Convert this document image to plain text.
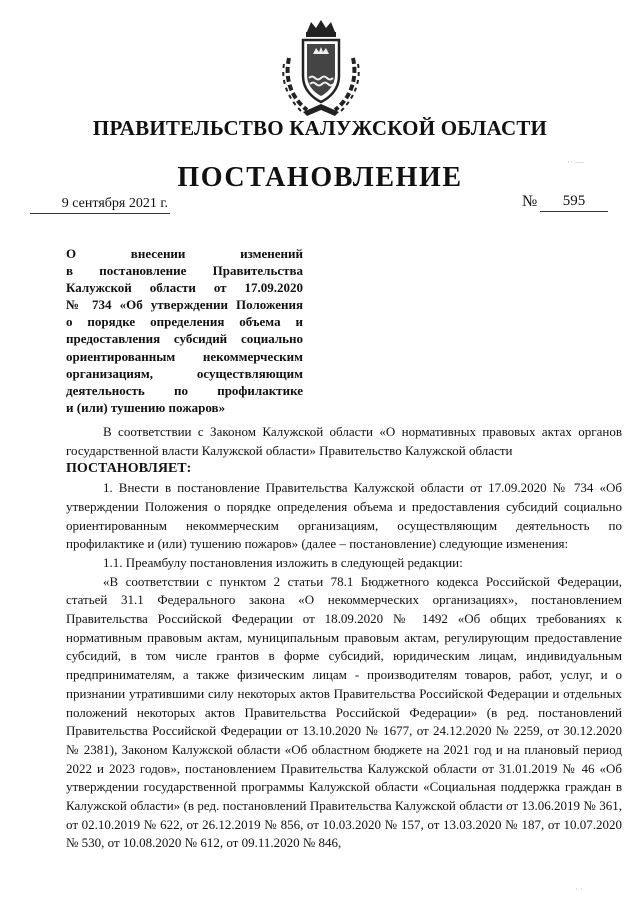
ПРАВИТЕЛЬСТВО КАЛУЖСКОЙ ОБЛАСТИ
ПОСТАНОВЛЕНИЕ
9 сентября 2021 г.	№	595
·· —
О внесении изменений
в постановление Правительства
Калужской области от 17.09.2020
№ 734 «Об утверждении Положения
о порядке определения объема и
предоставления субсидий социально
ориентированным некоммерческим
организациям, осуществляющим
деятельность по профилактике
и (или) тушению пожаров»

В соответствии с Законом Калужской области «О нормативных правовых актах органов государственной власти Калужской области» Правительство Калужской области

ПОСТАНОВЛЯЕТ:

1. Внести в постановление Правительства Калужской области от 17.09.2020 № 734 «Об утверждении Положения о порядке определения объема и предоставления субсидий социально ориентированным некоммерческим организациям, осуществляющим деятельность по профилактике и (или) тушению пожаров» (далее – постановление) следующие изменения:

1.1. Преамбулу постановления изложить в следующей редакции:

«В соответствии с пунктом 2 статьи 78.1 Бюджетного кодекса Российской Федерации, статьей 31.1 Федерального закона «О некоммерческих организациях», постановлением Правительства Российской Федерации от 18.09.2020 № 1492 «Об общих требованиях к нормативным правовым актам, муниципальным правовым актам, регулирующим предоставление субсидий, в том числе грантов в форме субсидий, юридическим лицам, индивидуальным предпринимателям, а также физическим лицам - производителям товаров, работ, услуг, и о признании утратившими силу некоторых актов Правительства Российской Федерации и отдельных положений некоторых актов Правительства Российской Федерации» (в ред. постановлений Правительства Российской Федерации от 13.10.2020 № 1677, от 24.12.2020 № 2259, от 30.12.2020 № 2381), Законом Калужской области «Об областном бюджете на 2021 год и на плановый период 2022 и 2023 годов», постановлением Правительства Калужской области от 31.01.2019 № 46 «Об утверждении государственной программы Калужской области «Социальная поддержка граждан в Калужской области» (в ред. постановлений Правительства Калужской области от 13.06.2019 № 361, от 02.10.2019 № 622, от 26.12.2019 № 856, от 10.03.2020 № 157, от 13.03.2020 № 187, от 10.07.2020 № 530, от 10.08.2020 № 612, от 09.11.2020 № 846,

· ·
